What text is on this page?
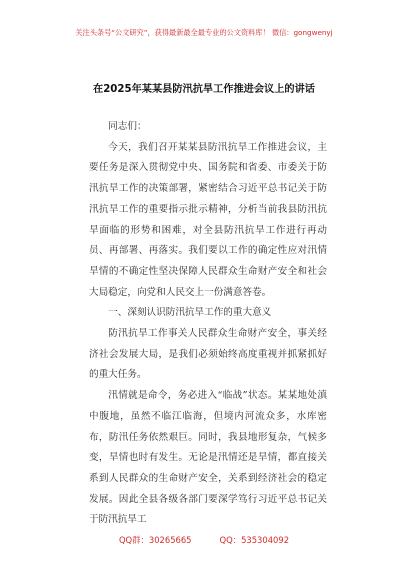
关注头条号“公文研究”，获得最新最全最专业的公文资料库！ 微信：gongwenyj
在2025年某某县防汛抗旱工作推进会议上的讲话

同志们：

今天，我们召开某某县防汛抗旱工作推进会议，主要任务是深入贯彻党中央、国务院和省委、市委关于防汛抗旱工作的决策部署，紧密结合习近平总书记关于防汛抗旱工作的重要指示批示精神，分析当前我县防汛抗旱面临的形势和困难，对全县防汛抗旱工作进行再动员、再部署、再落实。我们要以工作的确定性应对汛情旱情的不确定性坚决保障人民群众生命财产安全和社会大局稳定，向党和人民交上一份满意答卷。

一、深刻认识防汛抗旱工作的重大意义

防汛抗旱工作事关人民群众生命财产安全，事关经济社会发展大局，是我们必须始终高度重视并抓紧抓好的重大任务。

汛情就是命令，务必进入“临战”状态。某某地处滇中腹地，虽然不临江临海，但境内河流众多，水库密布，防汛任务依然艰巨。同时，我县地形复杂，气候多变，旱情也时有发生。无论是汛情还是旱情，都直接关系到人民群众的生命财产安全，关系到经济社会的稳定发展。因此全县各级各部门要深学笃行习近平总书记关于防汛抗旱工

QQ群：30265665	QQ：535304092
